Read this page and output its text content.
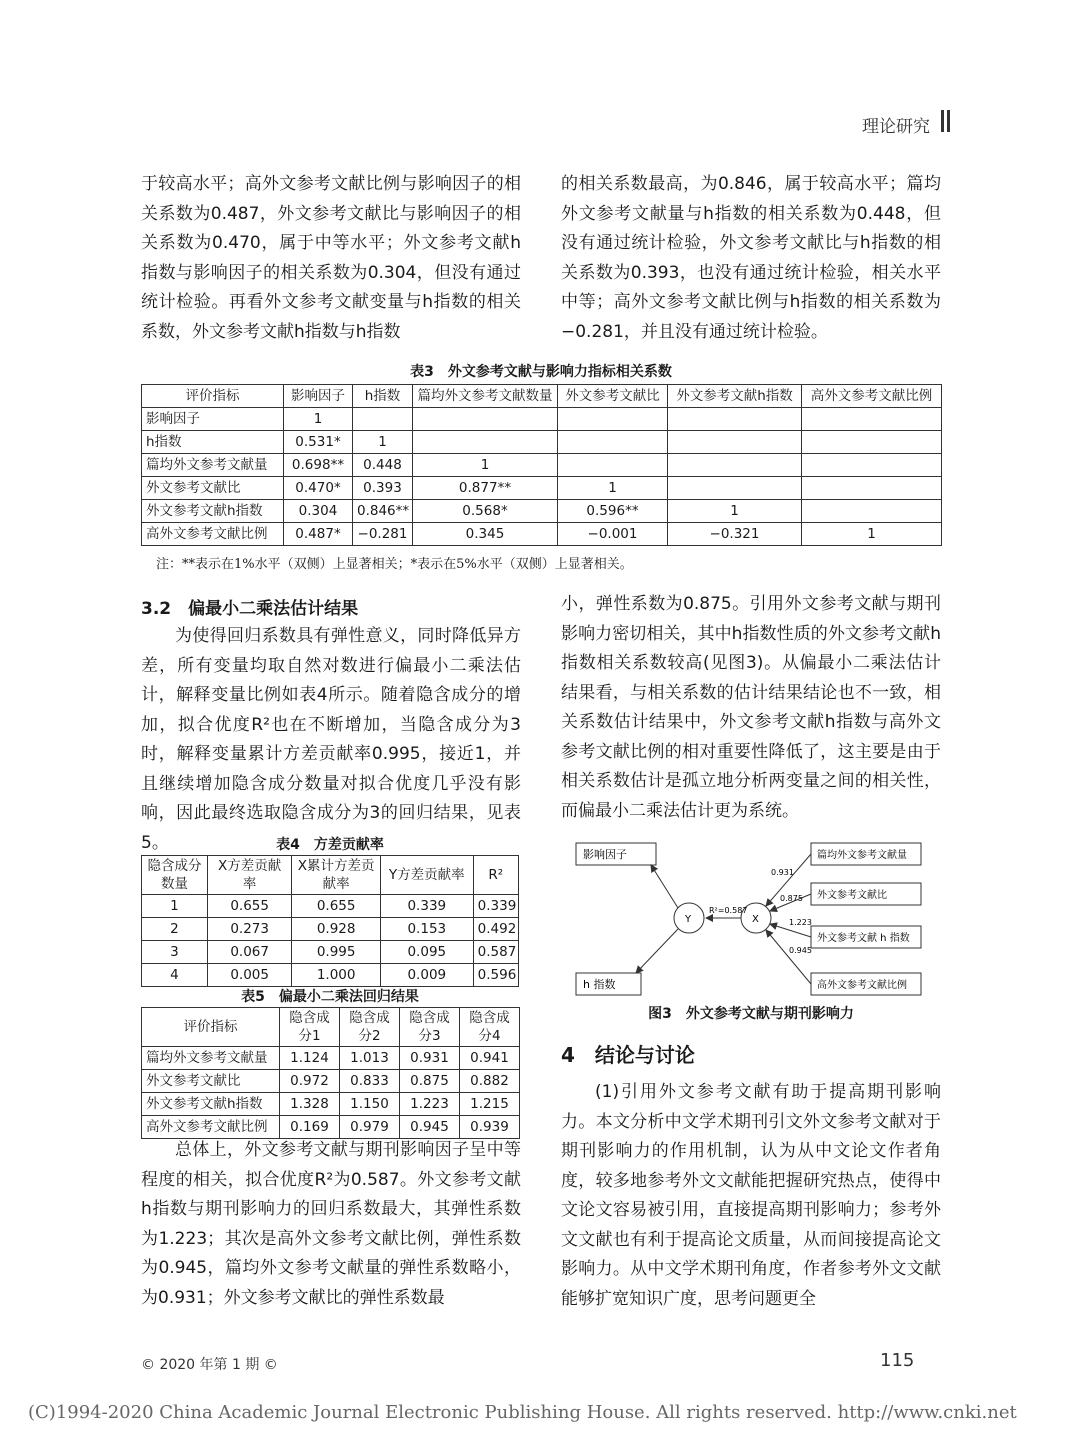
理论研究

于较高水平；高外文参考文献比例与影响因子的相关系数为0.487，外文参考文献比与影响因子的相关系数为0.470，属于中等水平；外文参考文献h指数与影响因子的相关系数为0.304，但没有通过统计检验。再看外文参考文献变量与h指数的相关系数，外文参考文献h指数与h指数

的相关系数最高，为0.846，属于较高水平；篇均外文参考文献量与h指数的相关系数为0.448，但没有通过统计检验，外文参考文献比与h指数的相关系数为0.393，也没有通过统计检验，相关水平中等；高外文参考文献比例与h指数的相关系数为−0.281，并且没有通过统计检验。

表3　外文参考文献与影响力指标相关系数
评价指标	影响因子	h指数	篇均外文参考文献数量	外文参考文献比	外文参考文献h指数	高外文参考文献比例
影响因子	1					
h指数	0.531*	1				
篇均外文参考文献量	0.698**	0.448	1			
外文参考文献比	0.470*	0.393	0.877**	1		
外文参考文献h指数	0.304	0.846**	0.568*	0.596**	1	
高外文参考文献比例	0.487*	−0.281	0.345	−0.001	−0.321	1
注：**表示在1%水平（双侧）上显著相关；*表示在5%水平（双侧）上显著相关。
3.2　偏最小二乘法估计结果

为使得回归系数具有弹性意义，同时降低异方差，所有变量均取自然对数进行偏最小二乘法估计，解释变量比例如表4所示。随着隐含成分的增加，拟合优度R²也在不断增加，当隐含成分为3时，解释变量累计方差贡献率0.995，接近1，并且继续增加隐含成分数量对拟合优度几乎没有影响，因此最终选取隐含成分为3的回归结果，见表5。	表4　方差贡献率
隐含成分数量	X方差贡献率	X累计方差贡献率	Y方差贡献率	R²
1	0.655	0.655	0.339	0.339
2	0.273	0.928	0.153	0.492
3	0.067	0.995	0.095	0.587
4	0.005	1.000	0.009	0.596
表5　偏最小二乘法回归结果
评价指标	隐含成分1	隐含成分2	隐含成分3	隐含成分4
篇均外文参考文献量	1.124	1.013	0.931	0.941
外文参考文献比	0.972	0.833	0.875	0.882
外文参考文献h指数	1.328	1.150	1.223	1.215
高外文参考文献比例	0.169	0.979	0.945	0.939

总体上，外文参考文献与期刊影响因子呈中等程度的相关，拟合优度R²为0.587。外文参考文献h指数与期刊影响力的回归系数最大，其弹性系数为1.223；其次是高外文参考文献比例，弹性系数为0.945，篇均外文参考文献量的弹性系数略小，为0.931；外文参考文献比的弹性系数最

小，弹性系数为0.875。引用外文参考文献与期刊影响力密切相关，其中h指数性质的外文参考文献h指数相关系数较高(见图3)。从偏最小二乘法估计结果看，与相关系数的估计结果结论也不一致，相关系数估计结果中，外文参考文献h指数与高外文参考文献比例的相对重要性降低了，这主要是由于相关系数估计是孤立地分析两变量之间的相关性，而偏最小二乘法估计更为系统。

影响因子
h 指数
篇均外文参考文献量
外文参考文献比
外文参考文献 h 指数
高外文参考文献比例
Y	X
R²=0.587
0.931
0.875
1.223
0.945
图3　外文参考文献与期刊影响力
4　结论与讨论

(1)引用外文参考文献有助于提高期刊影响力。本文分析中文学术期刊引文外文参考文献对于期刊影响力的作用机制，认为从中文论文作者角度，较多地参考外文文献能把握研究热点，使得中文论文容易被引用，直接提高期刊影响力；参考外文文献也有利于提高论文质量，从而间接提高论文影响力。从中文学术期刊角度，作者参考外文文献能够扩宽知识广度，思考问题更全

© 2020 年第 1 期 ©	115
(C)1994-2020 China Academic Journal Electronic Publishing House. All rights reserved. http://www.cnki.net
